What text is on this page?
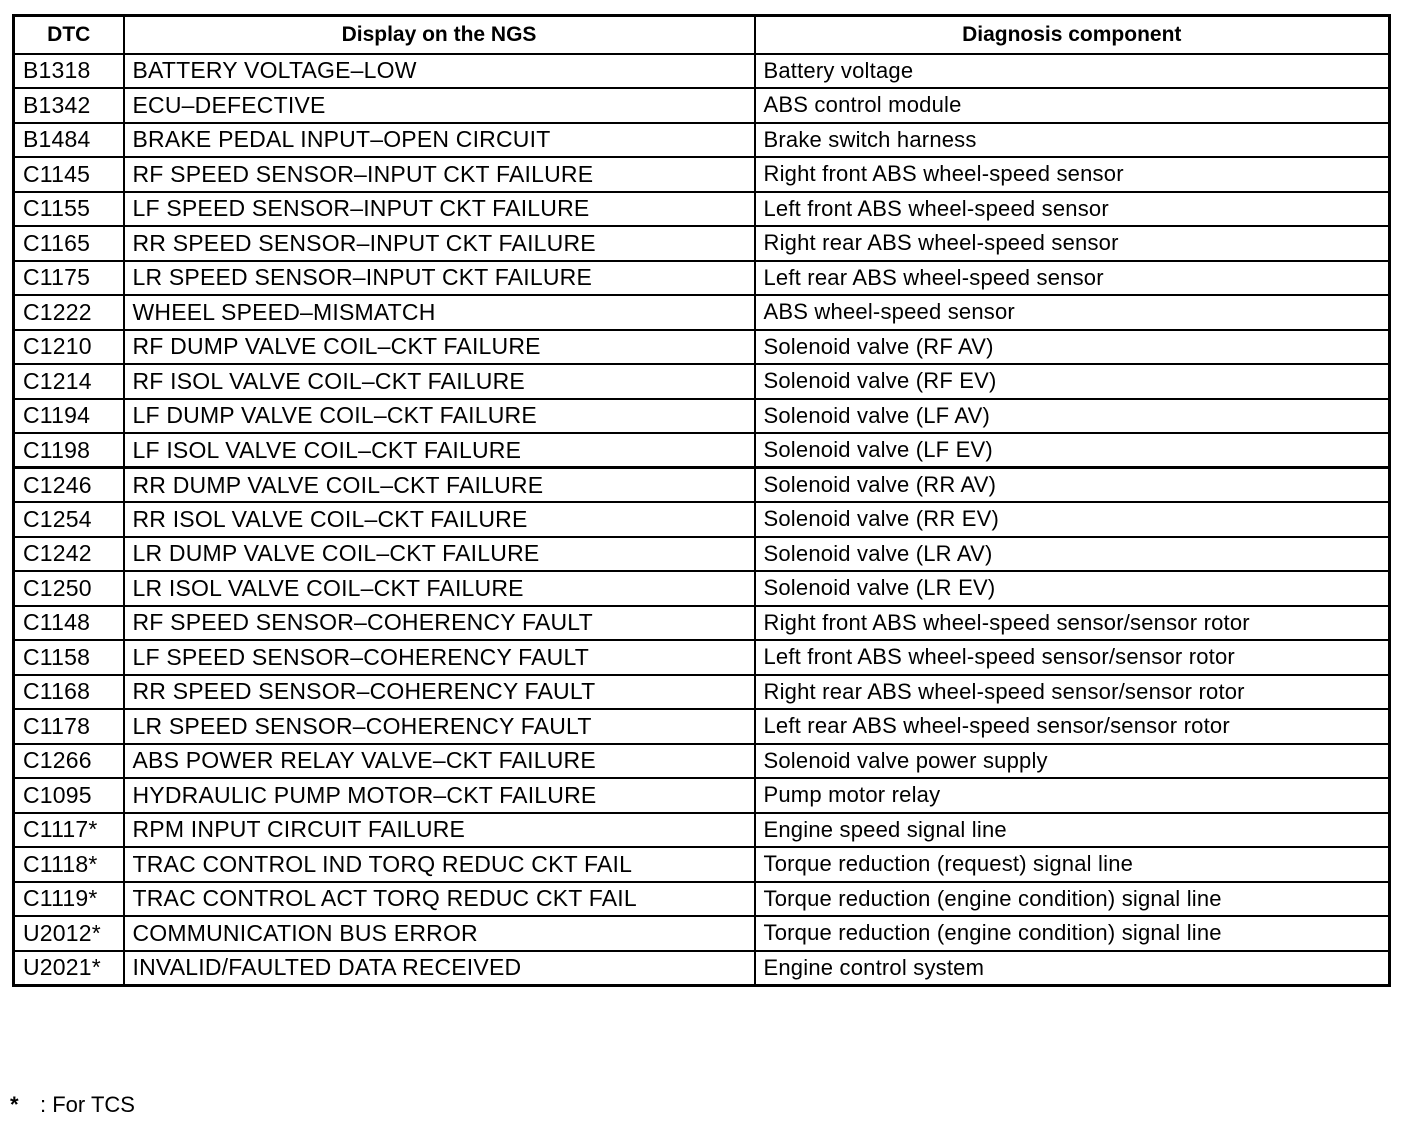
DTC	Display on the NGS	Diagnosis component
B1318	BATTERY VOLTAGE–LOW	Battery voltage
B1342	ECU–DEFECTIVE	ABS control module
B1484	BRAKE PEDAL INPUT–OPEN CIRCUIT	Brake switch harness
C1145	RF SPEED SENSOR–INPUT CKT FAILURE	Right front ABS wheel-speed sensor
C1155	LF SPEED SENSOR–INPUT CKT FAILURE	Left front ABS wheel-speed sensor
C1165	RR SPEED SENSOR–INPUT CKT FAILURE	Right rear ABS wheel-speed sensor
C1175	LR SPEED SENSOR–INPUT CKT FAILURE	Left rear ABS wheel-speed sensor
C1222	WHEEL SPEED–MISMATCH	ABS wheel-speed sensor
C1210	RF DUMP VALVE COIL–CKT FAILURE	Solenoid valve (RF AV)
C1214	RF ISOL VALVE COIL–CKT FAILURE	Solenoid valve (RF EV)
C1194	LF DUMP VALVE COIL–CKT FAILURE	Solenoid valve (LF AV)
C1198	LF ISOL VALVE COIL–CKT FAILURE	Solenoid valve (LF EV)
C1246	RR DUMP VALVE COIL–CKT FAILURE	Solenoid valve (RR AV)
C1254	RR ISOL VALVE COIL–CKT FAILURE	Solenoid valve (RR EV)
C1242	LR DUMP VALVE COIL–CKT FAILURE	Solenoid valve (LR AV)
C1250	LR ISOL VALVE COIL–CKT FAILURE	Solenoid valve (LR EV)
C1148	RF SPEED SENSOR–COHERENCY FAULT	Right front ABS wheel-speed sensor/sensor rotor
C1158	LF SPEED SENSOR–COHERENCY FAULT	Left front ABS wheel-speed sensor/sensor rotor
C1168	RR SPEED SENSOR–COHERENCY FAULT	Right rear ABS wheel-speed sensor/sensor rotor
C1178	LR SPEED SENSOR–COHERENCY FAULT	Left rear ABS wheel-speed sensor/sensor rotor
C1266	ABS POWER RELAY VALVE–CKT FAILURE	Solenoid valve power supply
C1095	HYDRAULIC PUMP MOTOR–CKT FAILURE	Pump motor relay
C1117*	RPM INPUT CIRCUIT FAILURE	Engine speed signal line
C1118*	TRAC CONTROL IND TORQ REDUC CKT FAIL	Torque reduction (request) signal line
C1119*	TRAC CONTROL ACT TORQ REDUC CKT FAIL	Torque reduction (engine condition) signal line
U2012*	COMMUNICATION BUS ERROR	Torque reduction (engine condition) signal line
U2021*	INVALID/FAULTED DATA RECEIVED	Engine control system
* : For TCS
